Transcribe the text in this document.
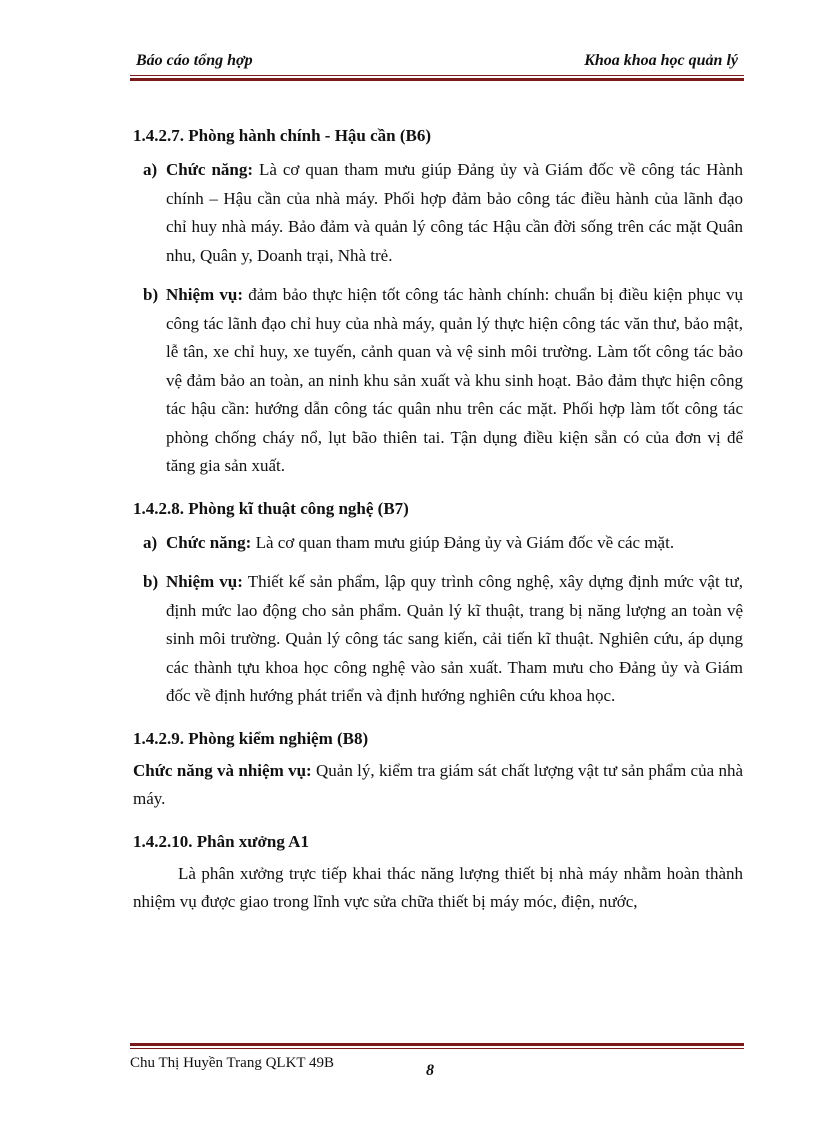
Báo cáo tổng hợp	Khoa khoa học quản lý

1.4.2.7. Phòng hành chính - Hậu cần (B6)

a) Chức năng: Là cơ quan tham mưu giúp Đảng ủy và Giám đốc về công tác Hành chính – Hậu cần của nhà máy. Phối hợp đảm bảo công tác điều hành của lãnh đạo chỉ huy nhà máy. Bảo đảm và quản lý công tác Hậu cần đời sống trên các mặt Quân nhu, Quân y, Doanh trại, Nhà trẻ.

b) Nhiệm vụ: đảm bảo thực hiện tốt công tác hành chính: chuẩn bị điều kiện phục vụ công tác lãnh đạo chỉ huy của nhà máy, quản lý thực hiện công tác văn thư, bảo mật, lễ tân, xe chỉ huy, xe tuyến, cảnh quan và vệ sinh môi trường. Làm tốt công tác bảo vệ đảm bảo an toàn, an ninh khu sản xuất và khu sinh hoạt. Bảo đảm thực hiện công tác hậu cần: hướng dẫn công tác quân nhu trên các mặt. Phối hợp làm tốt công tác phòng chống cháy nổ, lụt bão thiên tai. Tận dụng điều kiện sẵn có của đơn vị để tăng gia sản xuất.

1.4.2.8. Phòng kĩ thuật công nghệ (B7)

a) Chức năng: Là cơ quan tham mưu giúp Đảng ủy và Giám đốc về các mặt.

b) Nhiệm vụ: Thiết kế sản phẩm, lập quy trình công nghệ, xây dựng định mức vật tư, định mức lao động cho sản phẩm. Quản lý kĩ thuật, trang bị năng lượng an toàn vệ sinh môi trường. Quản lý công tác sang kiến, cải tiến kĩ thuật. Nghiên cứu, áp dụng các thành tựu khoa học công nghệ vào sản xuất. Tham mưu cho Đảng ủy và Giám đốc về định hướng phát triển và định hướng nghiên cứu khoa học.

1.4.2.9. Phòng kiểm nghiệm (B8)

Chức năng và nhiệm vụ: Quản lý, kiểm tra giám sát chất lượng vật tư sản phẩm của nhà máy.

1.4.2.10. Phân xưởng A1

Là phân xưởng trực tiếp khai thác năng lượng thiết bị nhà máy nhằm hoàn thành nhiệm vụ được giao trong lĩnh vực sửa chữa thiết bị máy móc, điện, nước,

Chu Thị Huyền Trang QLKT 49B	8
